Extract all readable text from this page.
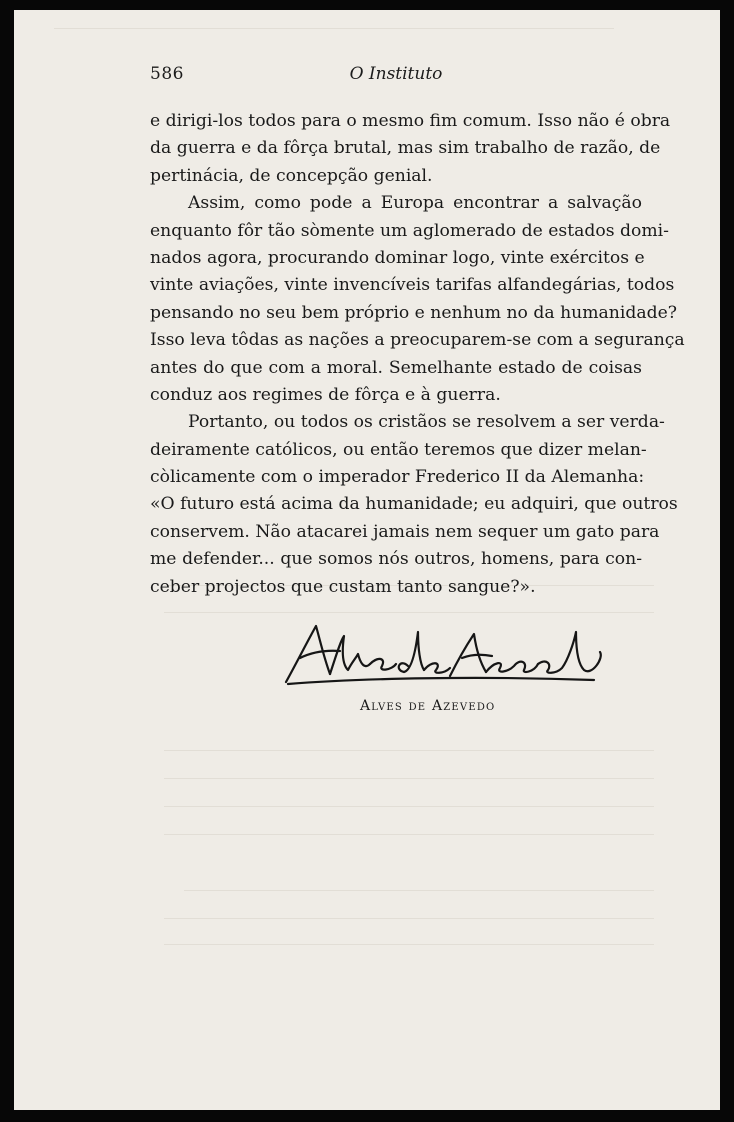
586	O Instituto
e dirigi-los todos para o mesmo fim comum. Isso não é obra
da guerra e da fôrça brutal, mas sim trabalho de razão, de
pertinácia, de concepção genial.
Assim, como pode a Europa encontrar a salvação
enquanto fôr tão sòmente um aglomerado de estados domi-
nados agora, procurando dominar logo, vinte exércitos e
vinte aviações, vinte invencíveis tarifas alfandegárias, todos
pensando no seu bem próprio e nenhum no da humanidade?
Isso leva tôdas as nações a preocuparem-se com a segurança
antes do que com a moral. Semelhante estado de coisas
conduz aos regimes de fôrça e à guerra.
Portanto, ou todos os cristãos se resolvem a ser verda-
deiramente católicos, ou então teremos que dizer melan-
còlicamente com o imperador Frederico II da Alemanha:
«O futuro está acima da humanidade; eu adquiri, que outros
conservem. Não atacarei jamais nem sequer um gato para
me defender... que somos nós outros, homens, para con-
ceber projectos que custam tanto sangue?».
Alves de Azevedo
Alves de Azevedo
